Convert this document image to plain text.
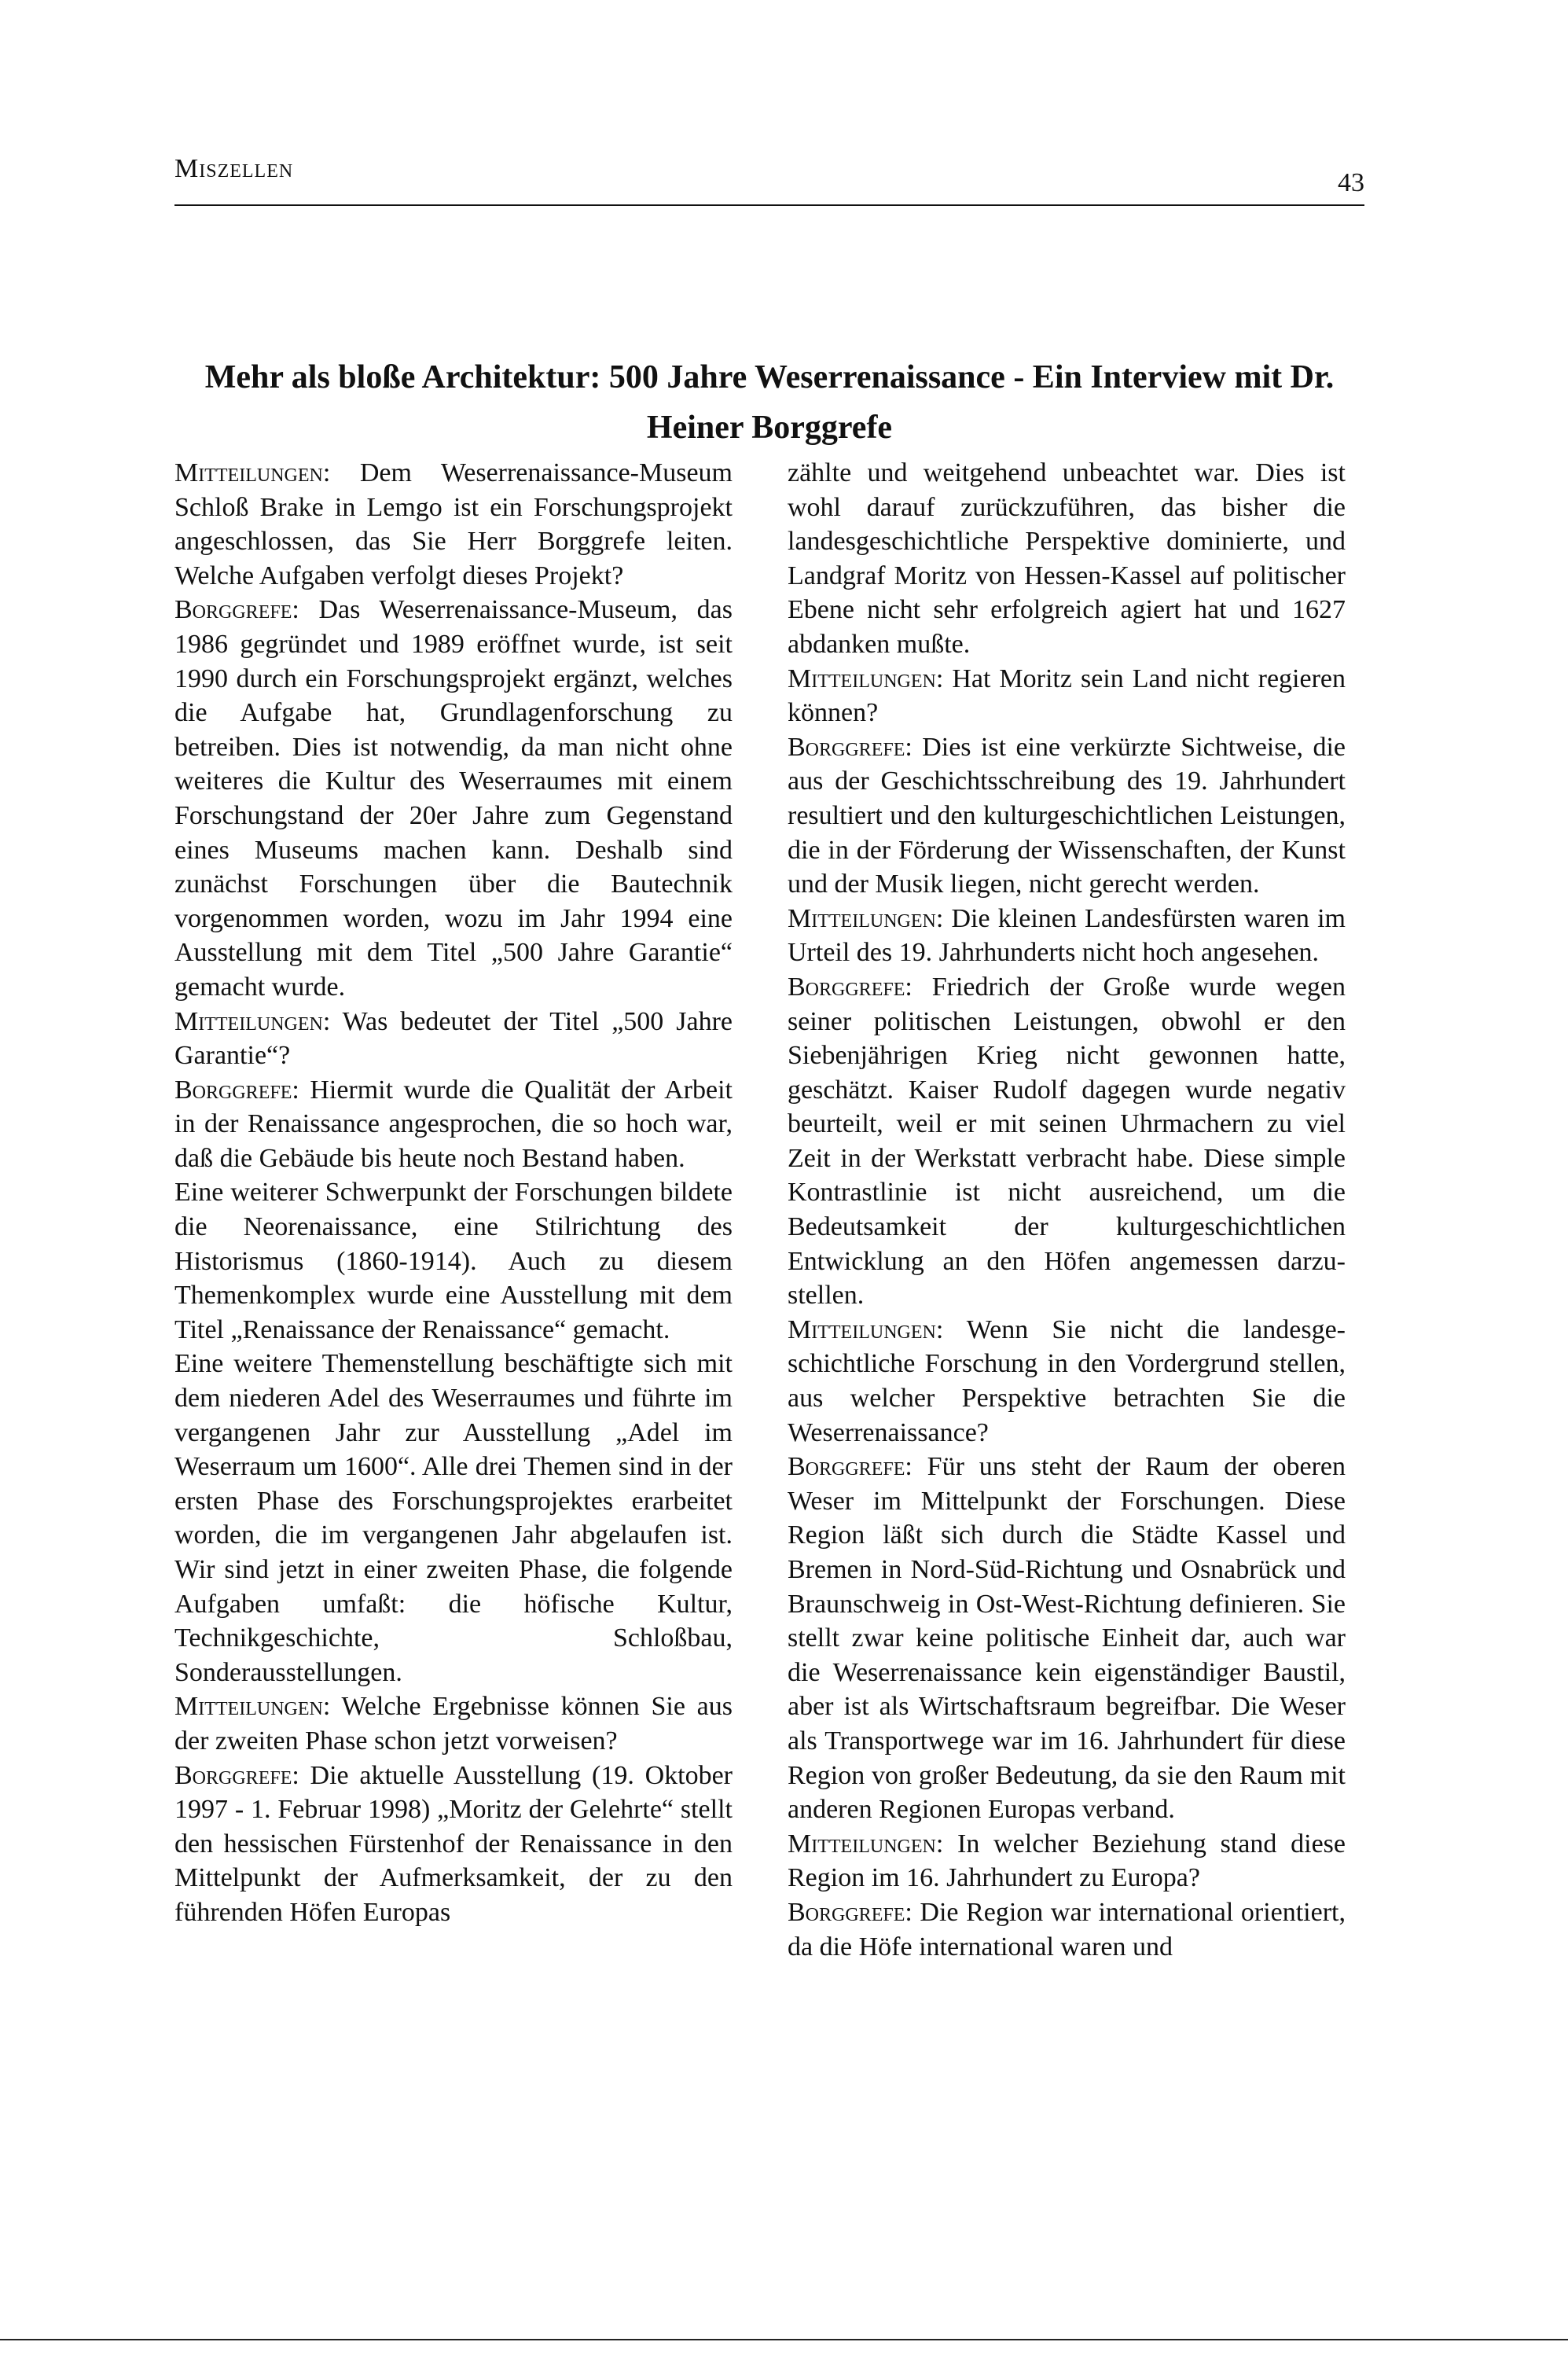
Miszellen	43
Mehr als bloße Architektur: 500 Jahre Weserrenaissance - Ein Interview mit Dr. Heiner Borggrefe

Mitteilungen: Dem Weserrenaissance-Museum Schloß Brake in Lemgo ist ein Forschungsprojekt angeschlossen, das Sie Herr Borggrefe leiten. Welche Aufgaben verfolgt dieses Projekt?

Borggrefe: Das Weserrenaissance-Museum, das 1986 gegründet und 1989 eröffnet wurde, ist seit 1990 durch ein Forschungsprojekt ergänzt, welches die Aufgabe hat, Grundlagenforschung zu betreiben. Dies ist notwendig, da man nicht ohne weiteres die Kultur des Weserraumes mit einem Forschungstand der 20er Jahre zum Gegenstand eines Museums machen kann. Deshalb sind zunächst Forschungen über die Bautechnik vorgenommen worden, wozu im Jahr 1994 eine Ausstellung mit dem Titel „500 Jahre Garantie“ gemacht wurde.

Mitteilungen: Was bedeutet der Titel „500 Jahre Garantie“?

Borggrefe: Hiermit wurde die Qualität der Arbeit in der Renaissance angesprochen, die so hoch war, daß die Gebäude bis heute noch Bestand haben.

Eine weiterer Schwerpunkt der Forschungen bildete die Neorenaissance, eine Stilrichtung des Historismus (1860-1914). Auch zu diesem Themenkomplex wurde eine Ausstellung mit dem Titel „Renaissance der Renaissance“ gemacht.

Eine weitere Themenstellung beschäftigte sich mit dem niederen Adel des Weserraumes und führte im vergangenen Jahr zur Ausstellung „Adel im Weserraum um 1600“. Alle drei Themen sind in der ersten Phase des Forschungsprojektes erarbeitet worden, die im vergangenen Jahr abgelaufen ist. Wir sind jetzt in einer zweiten Phase, die folgende Aufgaben umfaßt: die höfische Kultur, Technikgeschichte, Schloßbau, Sonderausstellungen.

Mitteilungen: Welche Ergebnisse können Sie aus der zweiten Phase schon jetzt vorweisen?

Borggrefe: Die aktuelle Ausstellung (19. Oktober 1997 - 1. Februar 1998) „Moritz der Gelehrte“ stellt den hessischen Fürstenhof der Renaissance in den Mittelpunkt der Aufmerksamkeit, der zu den führenden Höfen Europas

zählte und weitgehend unbeachtet war. Dies ist wohl darauf zurückzuführen, das bisher die landesgeschichtliche Perspektive dominierte, und Landgraf Moritz von Hessen-Kassel auf politischer Ebene nicht sehr erfolgreich agiert hat und 1627 abdanken mußte.

Mitteilungen: Hat Moritz sein Land nicht regieren können?

Borggrefe: Dies ist eine verkürzte Sichtweise, die aus der Geschichtsschreibung des 19. Jahrhundert resultiert und den kulturgeschichtlichen Leistungen, die in der Förderung der Wissenschaften, der Kunst und der Musik liegen, nicht gerecht werden.

Mitteilungen: Die kleinen Landesfürsten waren im Urteil des 19. Jahrhunderts nicht hoch angesehen.

Borggrefe: Friedrich der Große wurde wegen seiner politischen Leistungen, obwohl er den Siebenjährigen Krieg nicht gewonnen hatte, geschätzt. Kaiser Rudolf dagegen wurde negativ beurteilt, weil er mit seinen Uhrmachern zu viel Zeit in der Werkstatt verbracht habe. Diese simple Kontrastlinie ist nicht ausreichend, um die Bedeutsamkeit der kulturgeschichtlichen Entwicklung an den Höfen angemessen darzustellen.

Mitteilungen: Wenn Sie nicht die landesgeschichtliche Forschung in den Vordergrund stellen, aus welcher Perspektive betrachten Sie die Weserrenaissance?

Borggrefe: Für uns steht der Raum der oberen Weser im Mittelpunkt der Forschungen. Diese Region läßt sich durch die Städte Kassel und Bremen in Nord-Süd-Richtung und Osnabrück und Braunschweig in Ost-West-Richtung definieren. Sie stellt zwar keine politische Einheit dar, auch war die Weserrenaissance kein eigenständiger Baustil, aber ist als Wirtschaftsraum begreifbar. Die Weser als Transportwege war im 16. Jahrhundert für diese Region von großer Bedeutung, da sie den Raum mit anderen Regionen Europas verband.

Mitteilungen: In welcher Beziehung stand diese Region im 16. Jahrhundert zu Europa?

Borggrefe: Die Region war international orientiert, da die Höfe international waren und
